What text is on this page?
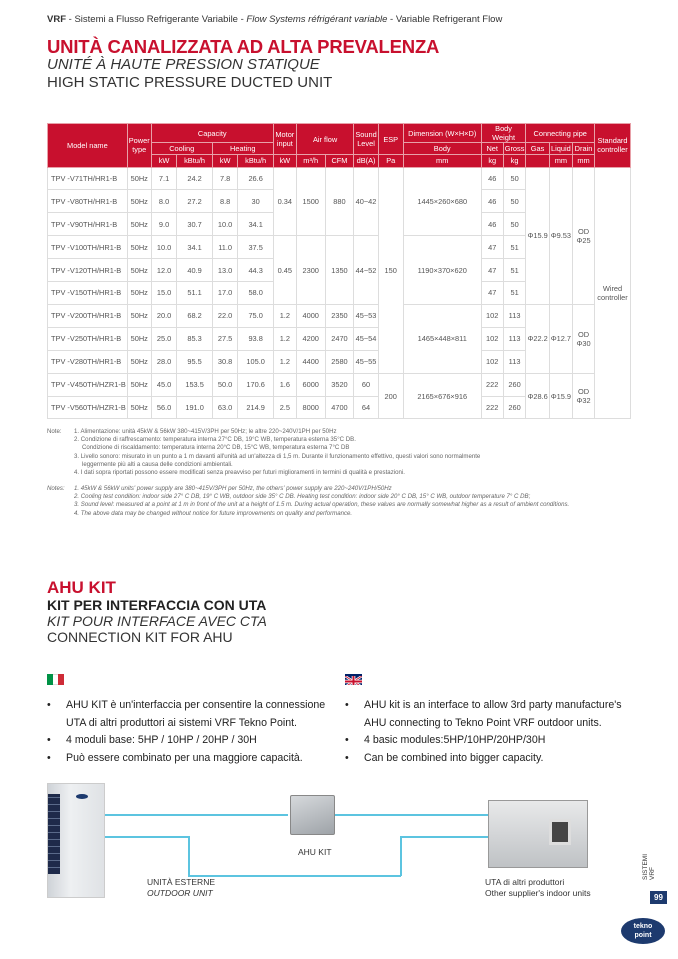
VRF - Sistemi a Flusso Refrigerante Variabile - Flow Systems réfrigérant variable - Variable Refrigerant Flow
UNITÀ CANALIZZATA AD ALTA PREVALENZA
UNITÉ À HAUTE PRESSION STATIQUE
HIGH STATIC PRESSURE DUCTED UNIT
Model name	Power type	Capacity				Motor input	Air flow		Sound Level	ESP	Dimension (W×H×D)	Body Weight		Connecting pipe			Standard controller
		Cooling		Heating							Body	Net	Gross	Gas	Liquid	Drain	
		kW	kBtu/h	kW	kBtu/h	kW	m³/h	CFM	dB(A)	Pa	mm	kg	kg		mm	mm	
TPV -V71TH/HR1-B	50Hz	7.1	24.2	7.8	26.6	0.34	1500	880	40~42	150	1445×260×680	46	50	Φ15.9	Φ9.53	OD Φ25	Wired controller
TPV -V80TH/HR1-B	50Hz	8.0	27.2	8.8	30							46	50				
TPV -V90TH/HR1-B	50Hz	9.0	30.7	10.0	34.1							46	50				
TPV -V100TH/HR1-B	50Hz	10.0	34.1	11.0	37.5	0.45	2300	1350	44~52		1190×370×620	47	51				
TPV -V120TH/HR1-B	50Hz	12.0	40.9	13.0	44.3							47	51				
TPV -V150TH/HR1-B	50Hz	15.0	51.1	17.0	58.0							47	51				
TPV -V200TH/HR1-B	50Hz	20.0	68.2	22.0	75.0	1.2	4000	2350	45~53		1465×448×811	102	113	Φ22.2	Φ12.7	OD Φ30	
TPV -V250TH/HR1-B	50Hz	25.0	85.3	27.5	93.8	1.2	4200	2470	45~54			102	113				
TPV -V280TH/HR1-B	50Hz	28.0	95.5	30.8	105.0	1.2	4400	2580	45~55			102	113				
TPV -V450TH/HZR1-B	50Hz	45.0	153.5	50.0	170.6	1.6	6000	3520	60	200	2165×676×916	222	260	Φ28.6	Φ15.9	OD Φ32	
TPV -V560TH/HZR1-B	50Hz	56.0	191.0	63.0	214.9	2.5	8000	4700	64			222	260				
Note: 1. Alimentazione: unità 45kW & 56kW 380~415V/3PH per 50Hz; le altre 220~240V/1PH per 50Hz
2. Condizione di raffrescamento: temperatura interna 27°C DB, 19°C WB, temperatura esterna 35°C DB.
Condizione di riscaldamento: temperatura interna 20°C DB, 15°C WB, temperatura esterna 7°C DB
3. Livello sonoro: misurato in un punto a 1 m davanti all'unità ad un'altezza di 1,5 m. Durante il funzionamento effettivo, questi valori sono normalmente
leggermente più alti a causa delle condizioni ambientali.
4. I dati sopra riportati possono essere modificati senza preavviso per futuri miglioramenti in termini di qualità e prestazioni.
Notes: 1. 45kW & 56kW units' power supply are 380~415V/3PH per 50Hz, the others' power supply are 220~240V/1PH/50Hz
2. Cooling test condition: indoor side 27° C DB, 19° C WB, outdoor side 35° C DB. Heating test condition: indoor side 20° C DB, 15° C WB, outdoor temperature 7° C DB;
3. Sound level: measured at a point at 1 m in front of the unit at a height of 1.5 m. During actual operation, these values are normally somewhat higher as a result of ambient conditions.
4. The above data may be changed without notice for future improvements on quality and performance.
AHU KIT
KIT PER INTERFACCIA CON UTA
KIT POUR INTERFACE AVEC CTA
CONNECTION KIT FOR AHU
• AHU KIT è un'interfaccia per consentire la connessione UTA di altri produttori ai sistemi VRF Tekno Point.
• 4 moduli base: 5HP / 10HP / 20HP / 30H
• Può essere combinato per una maggiore capacità.
• AHU kit is an interface to allow 3rd party manufacture's AHU connecting to Tekno Point VRF outdoor units.
• 4 basic modules:5HP/10HP/20HP/30H
• Can be combined into bigger capacity.
AHU KIT
UNITÀ ESTERNE
OUTDOOR UNIT
UTA di altri produttori
Other supplier's indoor units
SISTEMI VRF
99
tekno
point
